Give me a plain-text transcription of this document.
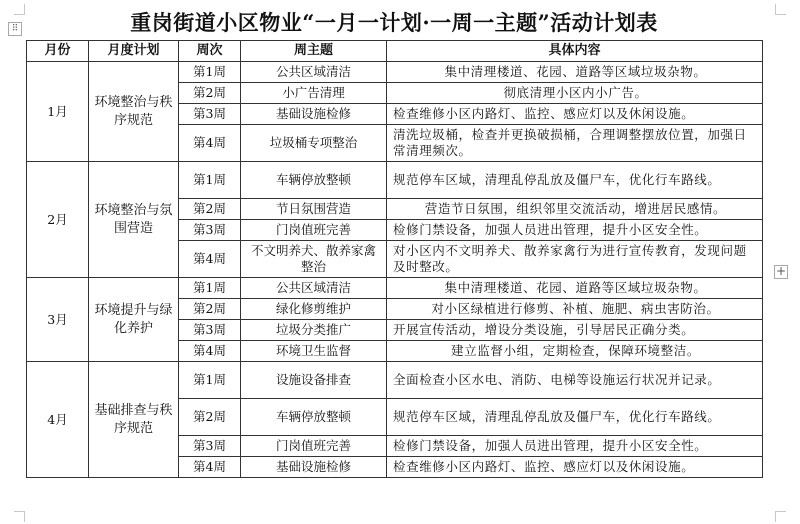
⠿
+
重岗街道小区物业“一月一计划·一周一主题”活动计划表
月份	月度计划	周次	周主题	具体内容
1月	环境整治与秩序规范	第1周	公共区域清洁	集中清理楼道、花园、道路等区域垃圾杂物。
		第2周	小广告清理	彻底清理小区内小广告。
		第3周	基础设施检修	检查维修小区内路灯、监控、感应灯以及休闲设施。
		第4周	垃圾桶专项整治	清洗垃圾桶，检查并更换破损桶，合理调整摆放位置，加强日常清理频次。
2月	环境整治与氛围营造	第1周	车辆停放整顿	规范停车区域，清理乱停乱放及僵尸车，优化行车路线。
		第2周	节日氛围营造	营造节日氛围，组织邻里交流活动，增进居民感情。
		第3周	门岗值班完善	检修门禁设备，加强人员进出管理，提升小区安全性。
		第4周	不文明养犬、散养家禽整治	对小区内不文明养犬、散养家禽行为进行宣传教育，发现问题及时整改。
3月	环境提升与绿化养护	第1周	公共区域清洁	集中清理楼道、花园、道路等区域垃圾杂物。
		第2周	绿化修剪维护	对小区绿植进行修剪、补植、施肥、病虫害防治。
		第3周	垃圾分类推广	开展宣传活动，增设分类设施，引导居民正确分类。
		第4周	环境卫生监督	建立监督小组，定期检查，保障环境整洁。
4月	基础排查与秩序规范	第1周	设施设备排查	全面检查小区水电、消防、电梯等设施运行状况并记录。
		第2周	车辆停放整顿	规范停车区域，清理乱停乱放及僵尸车，优化行车路线。
		第3周	门岗值班完善	检修门禁设备，加强人员进出管理，提升小区安全性。
		第4周	基础设施检修	检查维修小区内路灯、监控、感应灯以及休闲设施。
